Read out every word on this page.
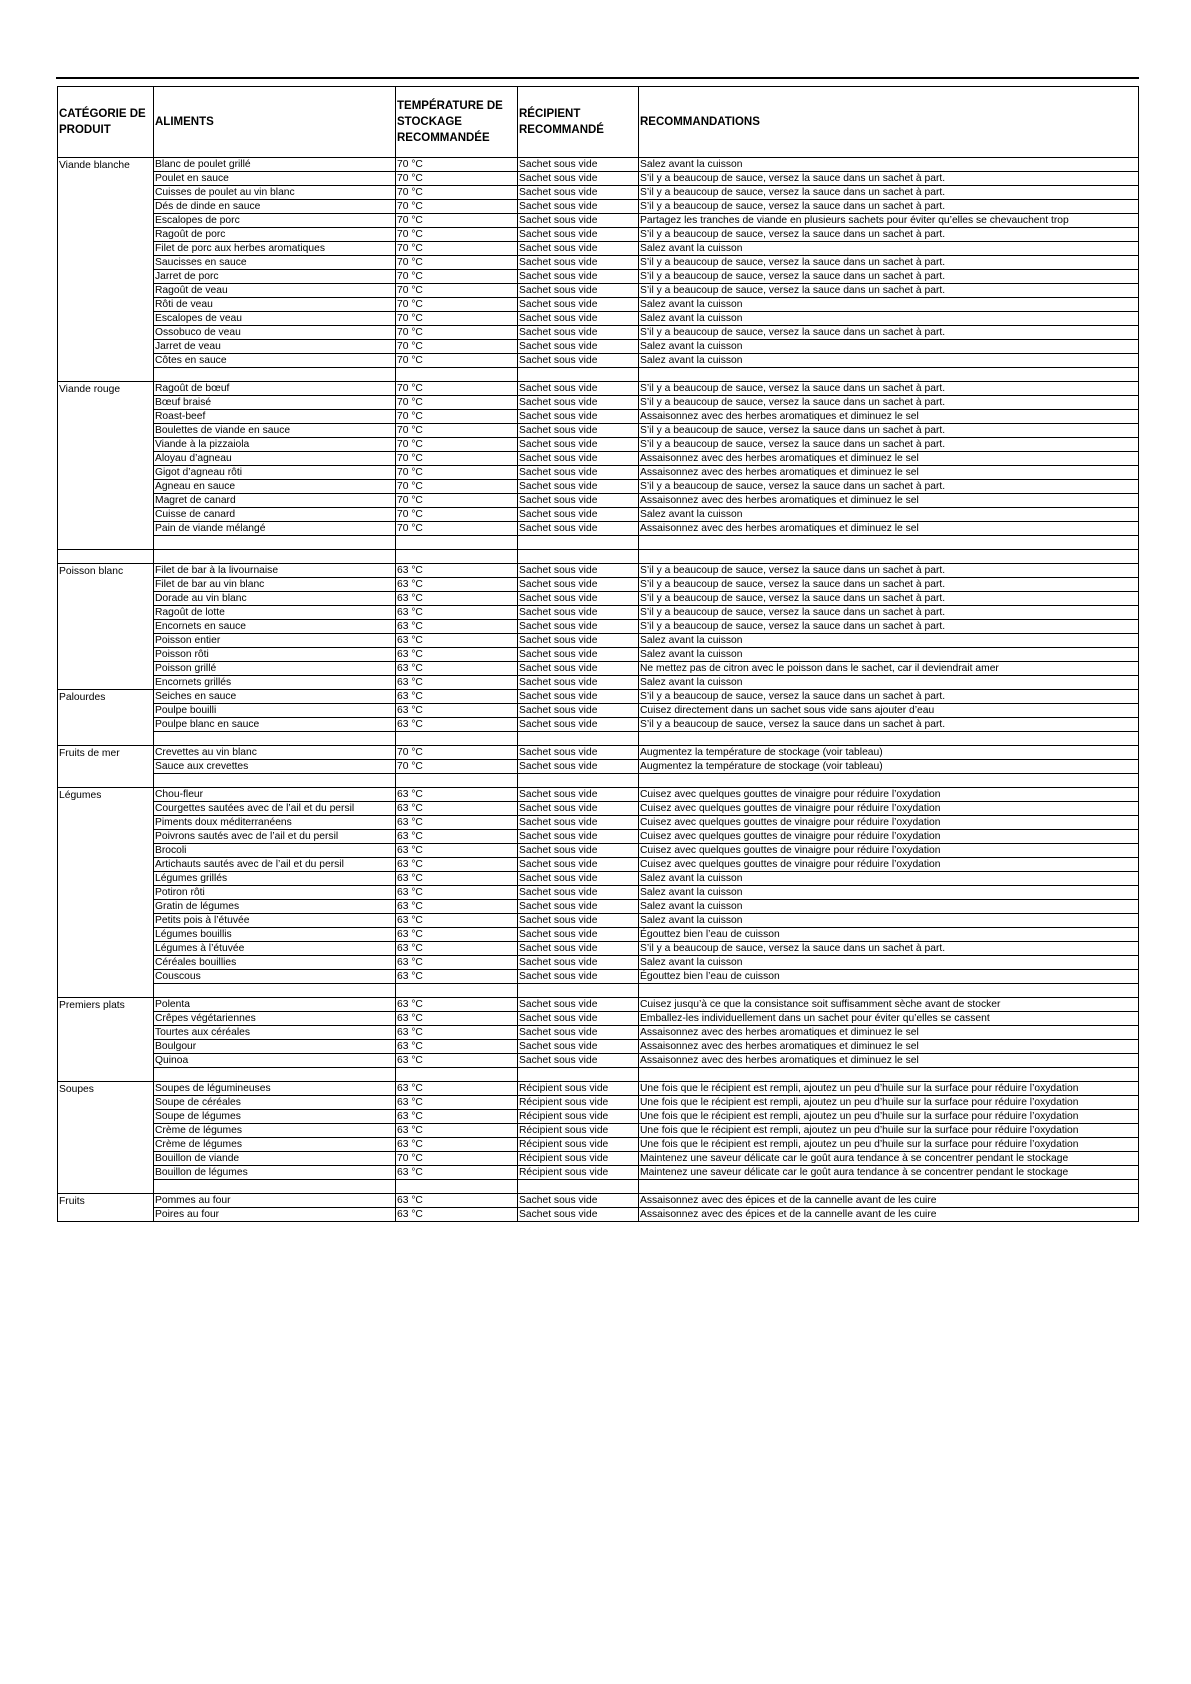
CATÉGORIE DE PRODUIT	ALIMENTS	TEMPÉRATURE DE STOCKAGE RECOMMANDÉE	RÉCIPIENT RECOMMANDÉ	RECOMMANDATIONS
Viande blanche	Blanc de poulet grillé	70 °C	Sachet sous vide	Salez avant la cuisson
	Poulet en sauce	70 °C	Sachet sous vide	S’il y a beaucoup de sauce, versez la sauce dans un sachet à part.
	Cuisses de poulet au vin blanc	70 °C	Sachet sous vide	S’il y a beaucoup de sauce, versez la sauce dans un sachet à part.
	Dés de dinde en sauce	70 °C	Sachet sous vide	S’il y a beaucoup de sauce, versez la sauce dans un sachet à part.
	Escalopes de porc	70 °C	Sachet sous vide	Partagez les tranches de viande en plusieurs sachets pour éviter qu’elles se chevauchent trop
	Ragoût de porc	70 °C	Sachet sous vide	S’il y a beaucoup de sauce, versez la sauce dans un sachet à part.
	Filet de porc aux herbes aromatiques	70 °C	Sachet sous vide	Salez avant la cuisson
	Saucisses en sauce	70 °C	Sachet sous vide	S’il y a beaucoup de sauce, versez la sauce dans un sachet à part.
	Jarret de porc	70 °C	Sachet sous vide	S’il y a beaucoup de sauce, versez la sauce dans un sachet à part.
	Ragoût de veau	70 °C	Sachet sous vide	S’il y a beaucoup de sauce, versez la sauce dans un sachet à part.
	Rôti de veau	70 °C	Sachet sous vide	Salez avant la cuisson
	Escalopes de veau	70 °C	Sachet sous vide	Salez avant la cuisson
	Ossobuco de veau	70 °C	Sachet sous vide	S’il y a beaucoup de sauce, versez la sauce dans un sachet à part.
	Jarret de veau	70 °C	Sachet sous vide	Salez avant la cuisson
	Côtes en sauce	70 °C	Sachet sous vide	Salez avant la cuisson

Viande rouge	Ragoût de bœuf	70 °C	Sachet sous vide	S’il y a beaucoup de sauce, versez la sauce dans un sachet à part.
	Bœuf braisé	70 °C	Sachet sous vide	S’il y a beaucoup de sauce, versez la sauce dans un sachet à part.
	Roast-beef	70 °C	Sachet sous vide	Assaisonnez avec des herbes aromatiques et diminuez le sel
	Boulettes de viande en sauce	70 °C	Sachet sous vide	S’il y a beaucoup de sauce, versez la sauce dans un sachet à part.
	Viande à la pizzaiola	70 °C	Sachet sous vide	S’il y a beaucoup de sauce, versez la sauce dans un sachet à part.
	Aloyau d’agneau	70 °C	Sachet sous vide	Assaisonnez avec des herbes aromatiques et diminuez le sel
	Gigot d’agneau rôti	70 °C	Sachet sous vide	Assaisonnez avec des herbes aromatiques et diminuez le sel
	Agneau en sauce	70 °C	Sachet sous vide	S’il y a beaucoup de sauce, versez la sauce dans un sachet à part.
	Magret de canard	70 °C	Sachet sous vide	Assaisonnez avec des herbes aromatiques et diminuez le sel
	Cuisse de canard	70 °C	Sachet sous vide	Salez avant la cuisson
	Pain de viande mélangé	70 °C	Sachet sous vide	Assaisonnez avec des herbes aromatiques et diminuez le sel

Poisson blanc	Filet de bar à la livournaise	63 °C	Sachet sous vide	S’il y a beaucoup de sauce, versez la sauce dans un sachet à part.
	Filet de bar au vin blanc	63 °C	Sachet sous vide	S’il y a beaucoup de sauce, versez la sauce dans un sachet à part.
	Dorade au vin blanc	63 °C	Sachet sous vide	S’il y a beaucoup de sauce, versez la sauce dans un sachet à part.
	Ragoût de lotte	63 °C	Sachet sous vide	S’il y a beaucoup de sauce, versez la sauce dans un sachet à part.
	Encornets en sauce	63 °C	Sachet sous vide	S’il y a beaucoup de sauce, versez la sauce dans un sachet à part.
	Poisson entier	63 °C	Sachet sous vide	Salez avant la cuisson
	Poisson rôti	63 °C	Sachet sous vide	Salez avant la cuisson
	Poisson grillé	63 °C	Sachet sous vide	Ne mettez pas de citron avec le poisson dans le sachet, car il deviendrait amer
	Encornets grillés	63 °C	Sachet sous vide	Salez avant la cuisson
Palourdes	Seiches en sauce	63 °C	Sachet sous vide	S’il y a beaucoup de sauce, versez la sauce dans un sachet à part.
	Poulpe bouilli	63 °C	Sachet sous vide	Cuisez directement dans un sachet sous vide sans ajouter d’eau
	Poulpe blanc en sauce	63 °C	Sachet sous vide	S’il y a beaucoup de sauce, versez la sauce dans un sachet à part.

Fruits de mer	Crevettes au vin blanc	70 °C	Sachet sous vide	Augmentez la température de stockage (voir tableau)
	Sauce aux crevettes	70 °C	Sachet sous vide	Augmentez la température de stockage (voir tableau)

Légumes	Chou-fleur	63 °C	Sachet sous vide	Cuisez avec quelques gouttes de vinaigre pour réduire l’oxydation
	Courgettes sautées avec de l’ail et du persil	63 °C	Sachet sous vide	Cuisez avec quelques gouttes de vinaigre pour réduire l’oxydation
	Piments doux méditerranéens	63 °C	Sachet sous vide	Cuisez avec quelques gouttes de vinaigre pour réduire l’oxydation
	Poivrons sautés avec de l’ail et du persil	63 °C	Sachet sous vide	Cuisez avec quelques gouttes de vinaigre pour réduire l’oxydation
	Brocoli	63 °C	Sachet sous vide	Cuisez avec quelques gouttes de vinaigre pour réduire l’oxydation
	Artichauts sautés avec de l’ail et du persil	63 °C	Sachet sous vide	Cuisez avec quelques gouttes de vinaigre pour réduire l’oxydation
	Légumes grillés	63 °C	Sachet sous vide	Salez avant la cuisson
	Potiron rôti	63 °C	Sachet sous vide	Salez avant la cuisson
	Gratin de légumes	63 °C	Sachet sous vide	Salez avant la cuisson
	Petits pois à l’étuvée	63 °C	Sachet sous vide	Salez avant la cuisson
	Légumes bouillis	63 °C	Sachet sous vide	Égouttez bien l’eau de cuisson
	Légumes à l’étuvée	63 °C	Sachet sous vide	S’il y a beaucoup de sauce, versez la sauce dans un sachet à part.
	Céréales bouillies	63 °C	Sachet sous vide	Salez avant la cuisson
	Couscous	63 °C	Sachet sous vide	Égouttez bien l’eau de cuisson

Premiers plats	Polenta	63 °C	Sachet sous vide	Cuisez jusqu’à ce que la consistance soit suffisamment sèche avant de stocker
	Crêpes végétariennes	63 °C	Sachet sous vide	Emballez-les individuellement dans un sachet pour éviter qu’elles se cassent
	Tourtes aux céréales	63 °C	Sachet sous vide	Assaisonnez avec des herbes aromatiques et diminuez le sel
	Boulgour	63 °C	Sachet sous vide	Assaisonnez avec des herbes aromatiques et diminuez le sel
	Quinoa	63 °C	Sachet sous vide	Assaisonnez avec des herbes aromatiques et diminuez le sel

Soupes	Soupes de légumineuses	63 °C	Récipient sous vide	Une fois que le récipient est rempli, ajoutez un peu d’huile sur la surface pour réduire l’oxydation
	Soupe de céréales	63 °C	Récipient sous vide	Une fois que le récipient est rempli, ajoutez un peu d’huile sur la surface pour réduire l’oxydation
	Soupe de légumes	63 °C	Récipient sous vide	Une fois que le récipient est rempli, ajoutez un peu d’huile sur la surface pour réduire l’oxydation
	Crème de légumes	63 °C	Récipient sous vide	Une fois que le récipient est rempli, ajoutez un peu d’huile sur la surface pour réduire l’oxydation
	Crème de légumes	63 °C	Récipient sous vide	Une fois que le récipient est rempli, ajoutez un peu d’huile sur la surface pour réduire l’oxydation
	Bouillon de viande	70 °C	Récipient sous vide	Maintenez une saveur délicate car le goût aura tendance à se concentrer pendant le stockage
	Bouillon de légumes	63 °C	Récipient sous vide	Maintenez une saveur délicate car le goût aura tendance à se concentrer pendant le stockage

Fruits	Pommes au four	63 °C	Sachet sous vide	Assaisonnez avec des épices et de la cannelle avant de les cuire
	Poires au four	63 °C	Sachet sous vide	Assaisonnez avec des épices et de la cannelle avant de les cuire
